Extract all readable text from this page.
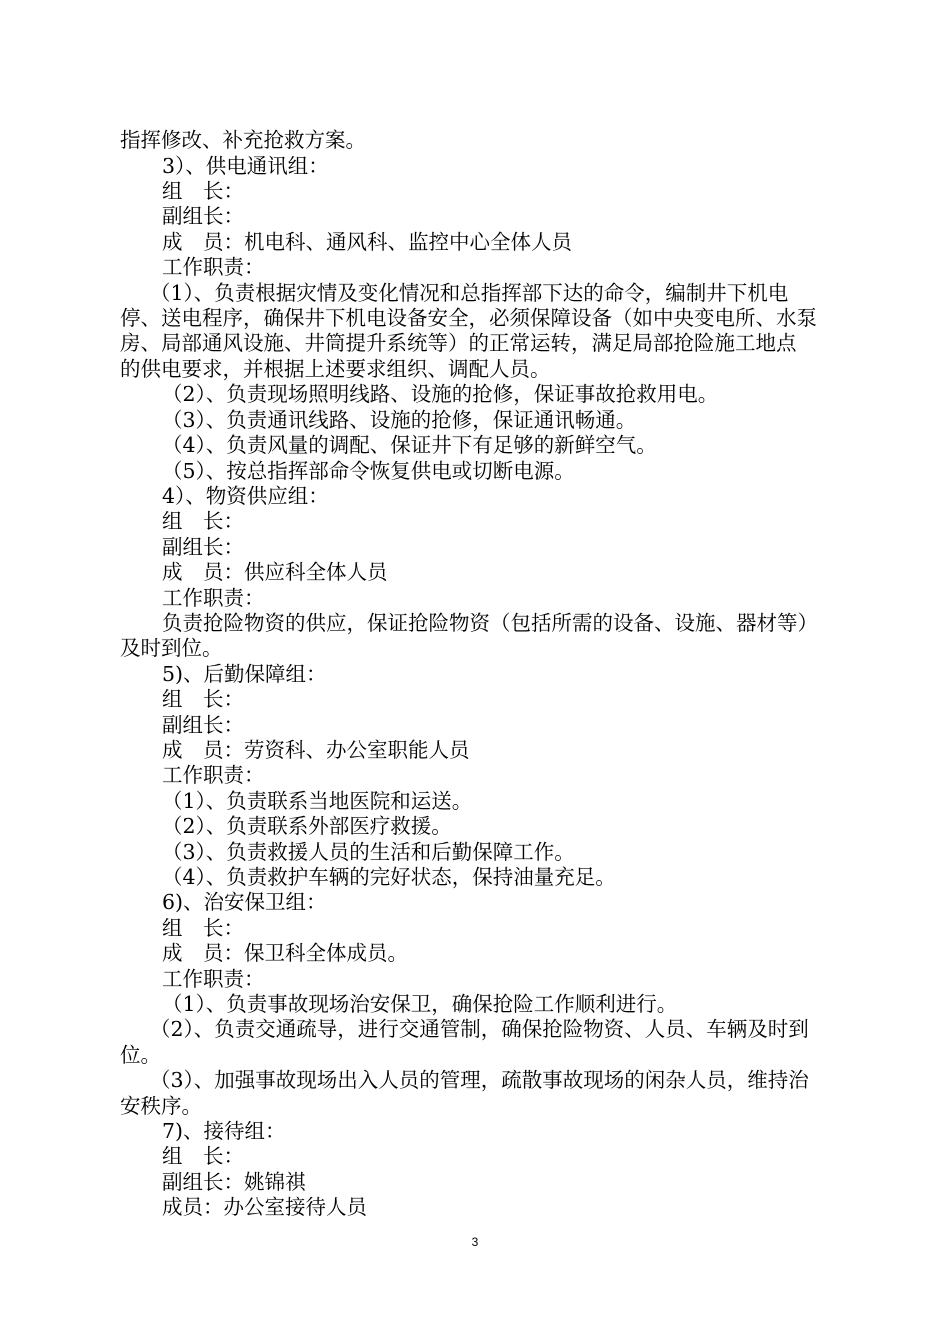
指挥修改、补充抢救方案。
3）、供电通讯组：
组　长：
副组长：
成　员：机电科、通风科、监控中心全体人员
工作职责：
（1）、负责根据灾情及变化情况和总指挥部下达的命令，编制井下机电
停、送电程序，确保井下机电设备安全，必须保障设备（如中央变电所、水泵
房、局部通风设施、井筒提升系统等）的正常运转，满足局部抢险施工地点
的供电要求，并根据上述要求组织、调配人员。
（2）、负责现场照明线路、设施的抢修，保证事故抢救用电。
（3）、负责通讯线路、设施的抢修，保证通讯畅通。
（4）、负责风量的调配、保证井下有足够的新鲜空气。
（5）、按总指挥部命令恢复供电或切断电源。
4）、物资供应组：
组　长：
副组长：
成　员：供应科全体人员
工作职责：
负责抢险物资的供应，保证抢险物资（包括所需的设备、设施、器材等）
及时到位。
5)、后勤保障组：
组　长：
副组长：
成　员：劳资科、办公室职能人员
工作职责：
（1）、负责联系当地医院和运送。
（2）、负责联系外部医疗救援。
（3）、负责救援人员的生活和后勤保障工作。
（4）、负责救护车辆的完好状态，保持油量充足。
6)、治安保卫组：
组　长：
成　员：保卫科全体成员。
工作职责：
（1）、负责事故现场治安保卫，确保抢险工作顺利进行。
（2）、负责交通疏导，进行交通管制，确保抢险物资、人员、车辆及时到
位。
（3）、加强事故现场出入人员的管理，疏散事故现场的闲杂人员，维持治
安秩序。
7)、接待组：
组　长：
副组长：姚锦祺
成员：办公室接待人员
3
